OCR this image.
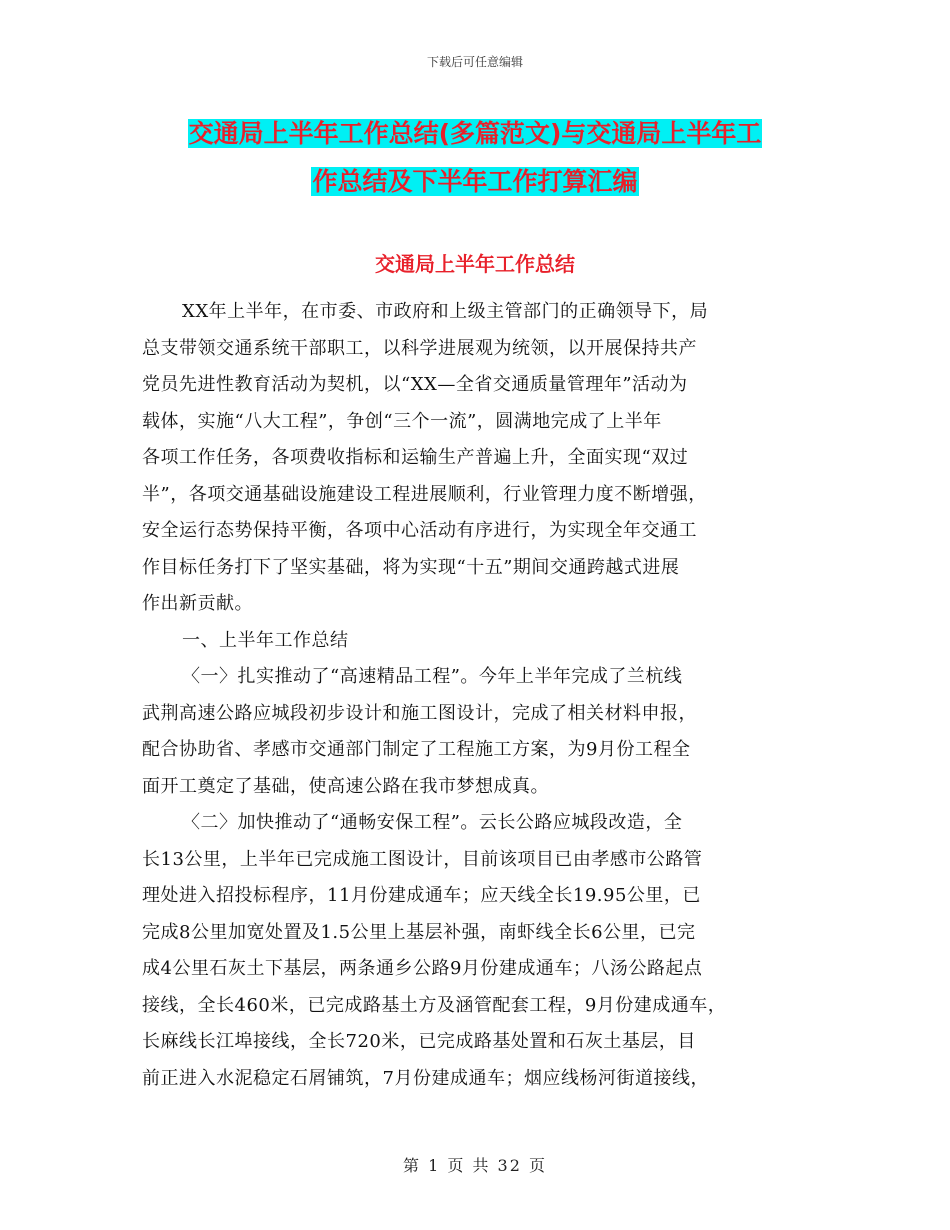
下载后可任意编辑
交通局上半年工作总结(多篇范文)与交通局上半年工
作总结及下半年工作打算汇编
交通局上半年工作总结

XX年上半年，在市委、市政府和上级主管部门的正确领导下，局
总支带领交通系统干部职工，以科学进展观为统领，以开展保持共产
党员先进性教育活动为契机，以“XX—全省交通质量管理年”活动为
载体，实施“八大工程”，争创“三个一流”，圆满地完成了上半年
各项工作任务，各项费收指标和运输生产普遍上升，全面实现“双过
半”，各项交通基础设施建设工程进展顺利，行业管理力度不断增强，
安全运行态势保持平衡，各项中心活动有序进行，为实现全年交通工
作目标任务打下了坚实基础，将为实现“十五”期间交通跨越式进展
作出新贡献。

一、上半年工作总结

〈一〉扎实推动了“高速精品工程”。今年上半年完成了兰杭线
武荆高速公路应城段初步设计和施工图设计，完成了相关材料申报，
配合协助省、孝感市交通部门制定了工程施工方案，为9月份工程全
面开工奠定了基础，使高速公路在我市梦想成真。

〈二〉加快推动了“通畅安保工程”。云长公路应城段改造，全
长13公里，上半年已完成施工图设计，目前该项目已由孝感市公路管
理处进入招投标程序，11月份建成通车；应天线全长19.95公里，已
完成8公里加宽处置及1.5公里上基层补强，南虾线全长6公里，已完
成4公里石灰土下基层，两条通乡公路9月份建成通车；八汤公路起点
接线，全长460米，已完成路基土方及涵管配套工程，9月份建成通车，
长麻线长江埠接线，全长720米，已完成路基处置和石灰土基层，目
前正进入水泥稳定石屑铺筑，7月份建成通车；烟应线杨河街道接线，

第 1 页 共 32 页
